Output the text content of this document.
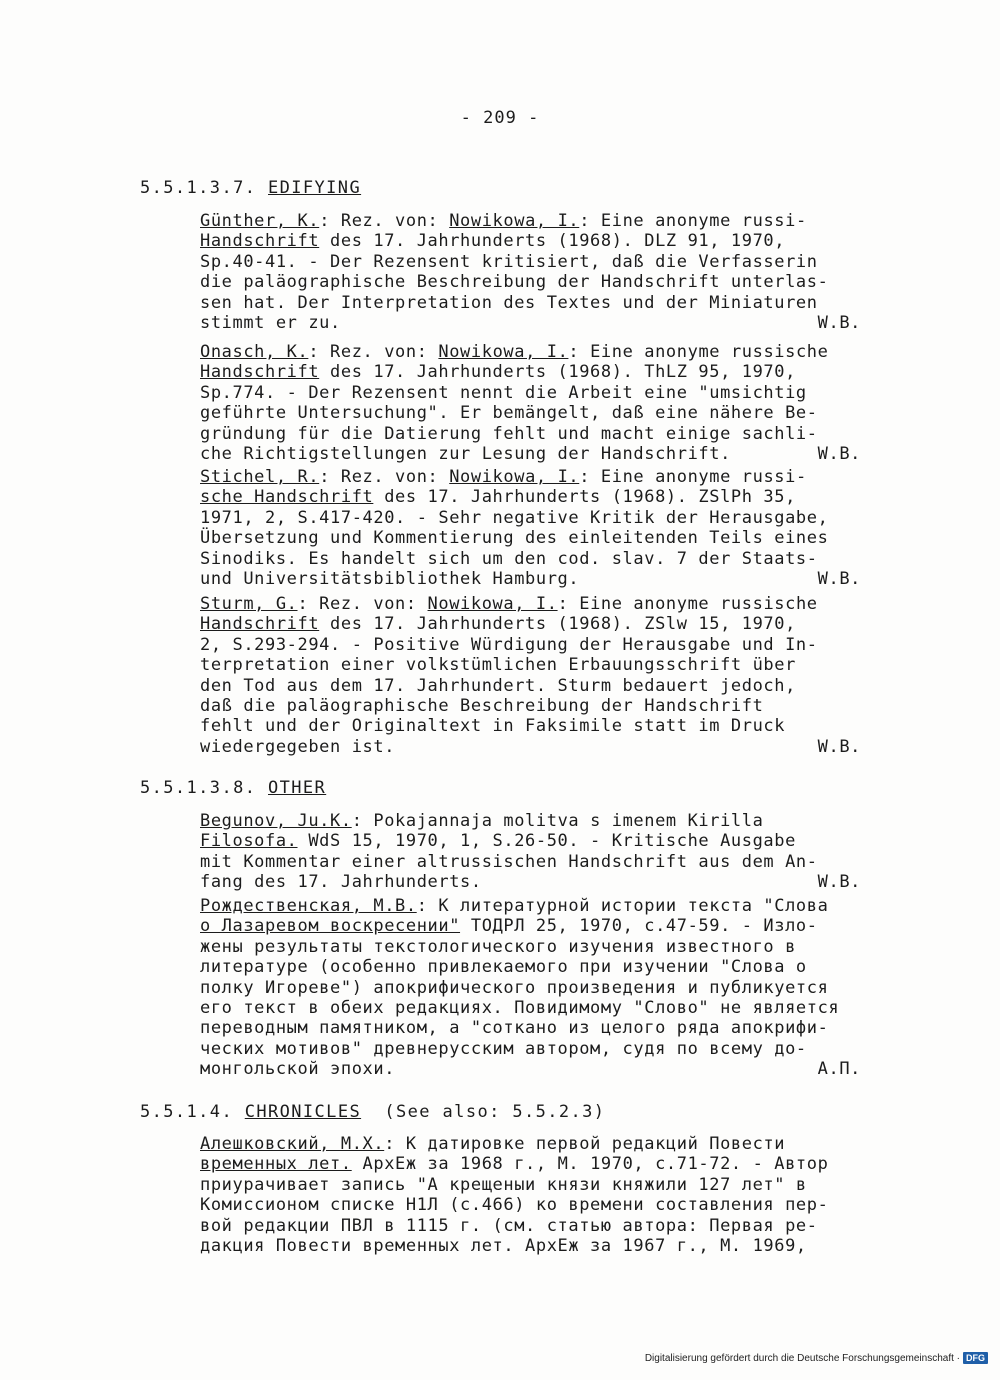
- 209 -
5.5.1.3.7. EDIFYING
Günther, K.: Rez. von: Nowikowa, I.: Eine anonyme russi-
Handschrift des 17. Jahrhunderts (1968). DLZ 91, 1970,
Sp.40-41. - Der Rezensent kritisiert, daß die Verfasserin
die paläographische Beschreibung der Handschrift unterlas-
sen hat. Der Interpretation des Textes und der Miniaturen
stimmt er zu.	W.B.
Onasch, K.: Rez. von: Nowikowa, I.: Eine anonyme russische
Handschrift des 17. Jahrhunderts (1968). ThLZ 95, 1970,
Sp.774. - Der Rezensent nennt die Arbeit eine "umsichtig
geführte Untersuchung". Er bemängelt, daß eine nähere Be-
gründung für die Datierung fehlt und macht einige sachli-
che Richtigstellungen zur Lesung der Handschrift.	W.B.
Stichel, R.: Rez. von: Nowikowa, I.: Eine anonyme russi-
sche Handschrift des 17. Jahrhunderts (1968). ZSlPh 35,
1971, 2, S.417-420. - Sehr negative Kritik der Herausgabe,
Übersetzung und Kommentierung des einleitenden Teils eines
Sinodiks. Es handelt sich um den cod. slav. 7 der Staats-
und Universitätsbibliothek Hamburg.	W.B.
Sturm, G.: Rez. von: Nowikowa, I.: Eine anonyme russische
Handschrift des 17. Jahrhunderts (1968). ZSlw 15, 1970,
2, S.293-294. - Positive Würdigung der Herausgabe und In-
terpretation einer volkstümlichen Erbauungsschrift über
den Tod aus dem 17. Jahrhundert. Sturm bedauert jedoch,
daß die paläographische Beschreibung der Handschrift
fehlt und der Originaltext in Faksimile statt im Druck
wiedergegeben ist.	W.B.
5.5.1.3.8. OTHER
Begunov, Ju.K.: Pokajannaja molitva s imenem Kirilla
Filosofa. WdS 15, 1970, 1, S.26-50. - Kritische Ausgabe
mit Kommentar einer altrussischen Handschrift aus dem An-
fang des 17. Jahrhunderts.	W.B.
Рождественская, М.В.: К литературной истории текста "Слова
о Лазаревом воскресении" ТОДРЛ 25, 1970, с.47-59. - Изло-
жены результаты текстологического изучения известного в
литературе (особенно привлекаемого при изучении "Слова о
полку Игореве") апокрифического произведения и публикуется
его текст в обеих редакциях. Повидимому "Слово" не является
переводным памятником, а "соткано из целого ряда апокрифи-
ческих мотивов" древнерусским автором, судя по всему до-
монгольской эпохи.	А.П.
5.5.1.4. CHRONICLES (See also: 5.5.2.3)
Алешковский, М.Х.: К датировке первой редакций Повести
временных лет. АрхЕж за 1968 г., М. 1970, с.71-72. - Автор
приурачивает запись "А крещеныи князи княжили 127 лет" в
Комиссионом списке Н1Л (с.466) ко времени составления пер-
вой редакции ПВЛ в 1115 г. (см. статью автора: Первая ре-
дакция Повести временных лет. АрхЕж за 1967 г., М. 1969,
Digitalisierung gefördert durch die Deutsche Forschungsgemeinschaft · DFG
